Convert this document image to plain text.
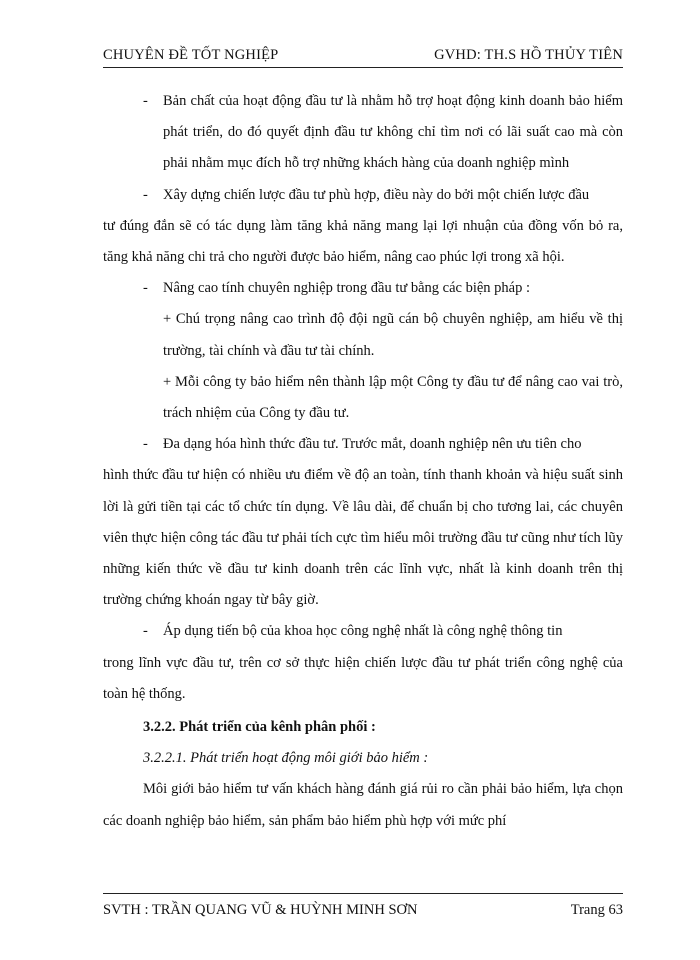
CHUYÊN ĐỀ TỐT NGHIỆP	GVHD: TH.S HỒ THỦY TIÊN

- Bản chất của hoạt động đầu tư là nhằm hỗ trợ hoạt động kinh doanh bảo hiểm phát triển, do đó quyết định đầu tư không chỉ tìm nơi có lãi suất cao mà còn phải nhằm mục đích hỗ trợ những khách hàng của doanh nghiệp mình

- Xây dựng chiến lược đầu tư phù hợp, điều này do bởi một chiến lược đầu

tư đúng đắn sẽ có tác dụng làm tăng khả năng mang lại lợi nhuận của đồng vốn bỏ ra, tăng khả năng chi trả cho người được bảo hiểm, nâng cao phúc lợi trong xã hội.

- Nâng cao tính chuyên nghiệp trong đầu tư bằng các biện pháp :

+ Chú trọng nâng cao trình độ đội ngũ cán bộ chuyên nghiệp, am hiểu về thị trường, tài chính và đầu tư tài chính.

+ Mỗi công ty bảo hiểm nên thành lập một Công ty đầu tư để nâng cao vai trò, trách nhiệm của Công ty đầu tư.

- Đa dạng hóa hình thức đầu tư. Trước mắt, doanh nghiệp nên ưu tiên cho

hình thức đầu tư hiện có nhiều ưu điểm về độ an toàn, tính thanh khoản và hiệu suất sinh lời là gửi tiền tại các tổ chức tín dụng. Về lâu dài, để chuẩn bị cho tương lai, các chuyên viên thực hiện công tác đầu tư phải tích cực tìm hiểu môi trường đầu tư cũng như tích lũy những kiến thức về đầu tư kinh doanh trên các lĩnh vực, nhất là kinh doanh trên thị trường chứng khoán ngay từ bây giờ.

- Áp dụng tiến bộ của khoa học công nghệ nhất là công nghệ thông tin

trong lĩnh vực đầu tư, trên cơ sở thực hiện chiến lược đầu tư phát triển công nghệ của toàn hệ thống.

3.2.2. Phát triển của kênh phân phối :

3.2.2.1. Phát triển hoạt động môi giới bảo hiểm :

Môi giới bảo hiểm tư vấn khách hàng đánh giá rủi ro cần phải bảo hiểm, lựa chọn các doanh nghiệp bảo hiểm, sản phẩm bảo hiểm phù hợp với mức phí

SVTH : TRẦN QUANG VŨ & HUỲNH MINH SƠN	Trang 63
